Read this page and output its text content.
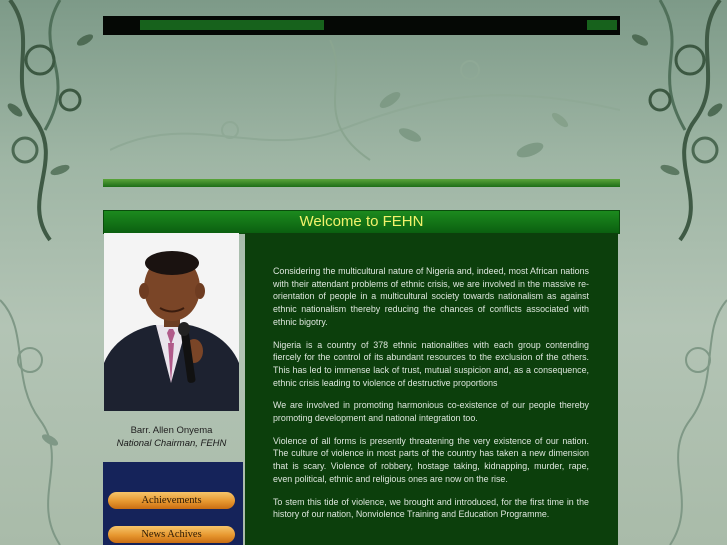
Welcome to FEHN
Barr. Allen Onyema
National Chairman, FEHN
Achievements
News Achives

Considering the multicultural nature of Nigeria and, indeed, most African nations with their attendant problems of ethnic crisis, we are involved in the massive re-orientation of people in a multicultural society towards nationalism as against ethnic nationalism thereby reducing the chances of conflicts associated with ethnic bigotry.

Nigeria is a country of 378 ethnic nationalities with each group contending fiercely for the control of its abundant resources to the exclusion of the others. This has led to immense lack of trust, mutual suspicion and, as a consequence, ethnic crisis leading to violence of destructive proportions

We are involved in promoting harmonious co-existence of our people thereby promoting development and national integration too.

Violence of all forms is presently threatening the very existence of our nation. The culture of violence in most parts of the country has taken a new dimension that is scary. Violence of robbery, hostage taking, kidnapping, murder, rape, even political, ethnic and religious ones are now on the rise.

To stem this tide of violence, we brought and introduced, for the first time in the history of our nation, Nonviolence Training and Education Programme.
